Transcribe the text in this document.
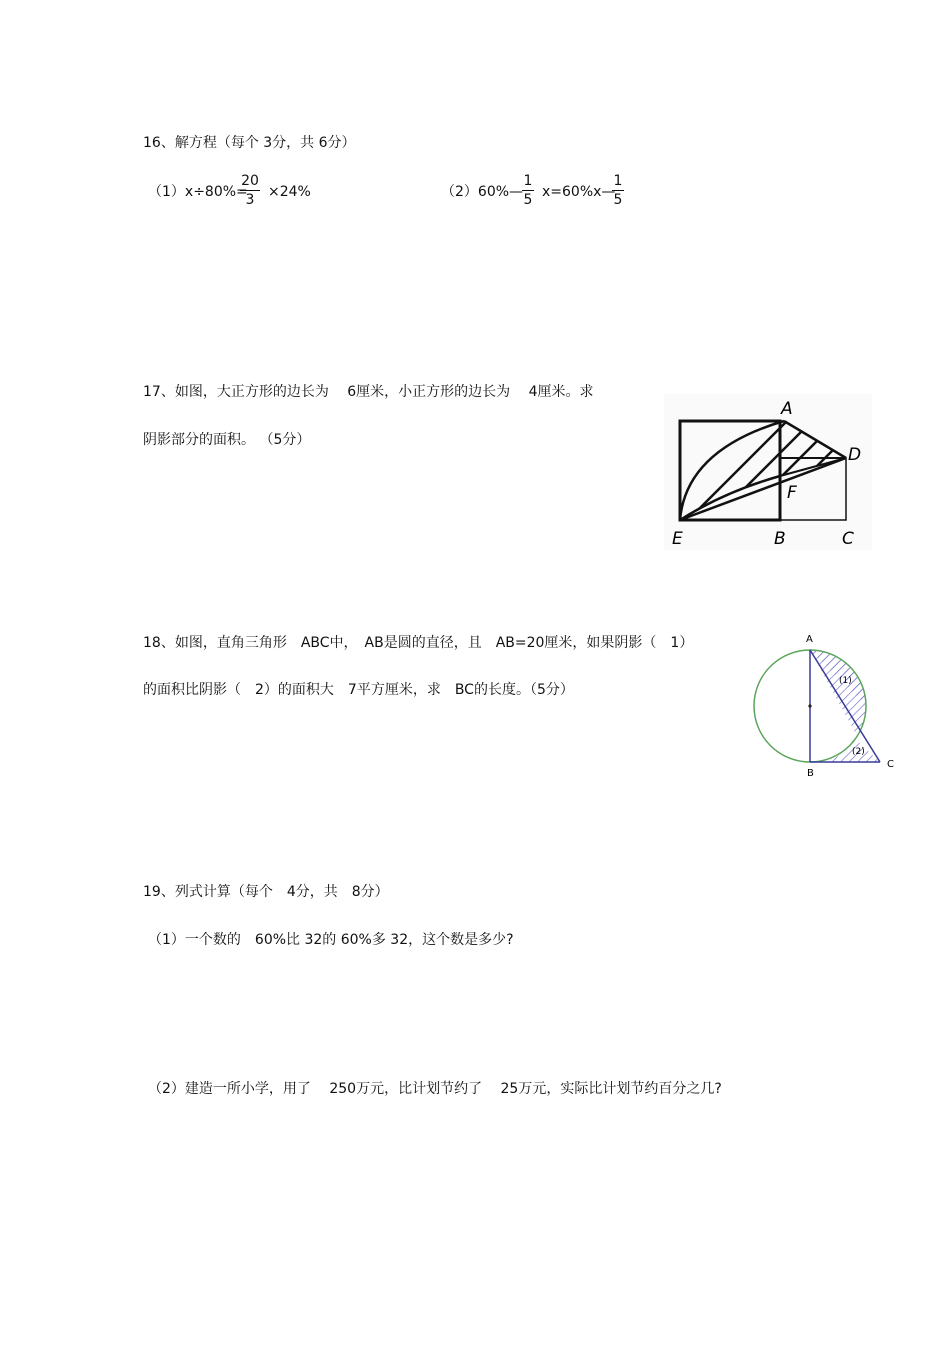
16、解方程（每个 3分，共 6分）
（1）x÷80%=
20
3 ×24%	（2）60%—
1
5 x=60%x—
1
5
17、如图，大正方形的边长为　 6厘米，小正方形的边长为　 4厘米。求
阴影部分的面积。 （5分）
A
D
F
E	B	C
18、如图，直角三角形　ABC中，　AB是圆的直径，且　AB=20厘米，如果阴影（　1）
的面积比阴影（　2）的面积大　7平方厘米，求　BC的长度。（5分）
A
B
C
(1)
(2)
19、列式计算（每个　4分，共　8分）
（1）一个数的　60%比 32的 60%多 32，这个数是多少?
（2）建造一所小学，用了　 250万元，比计划节约了　 25万元，实际比计划节约百分之几?
